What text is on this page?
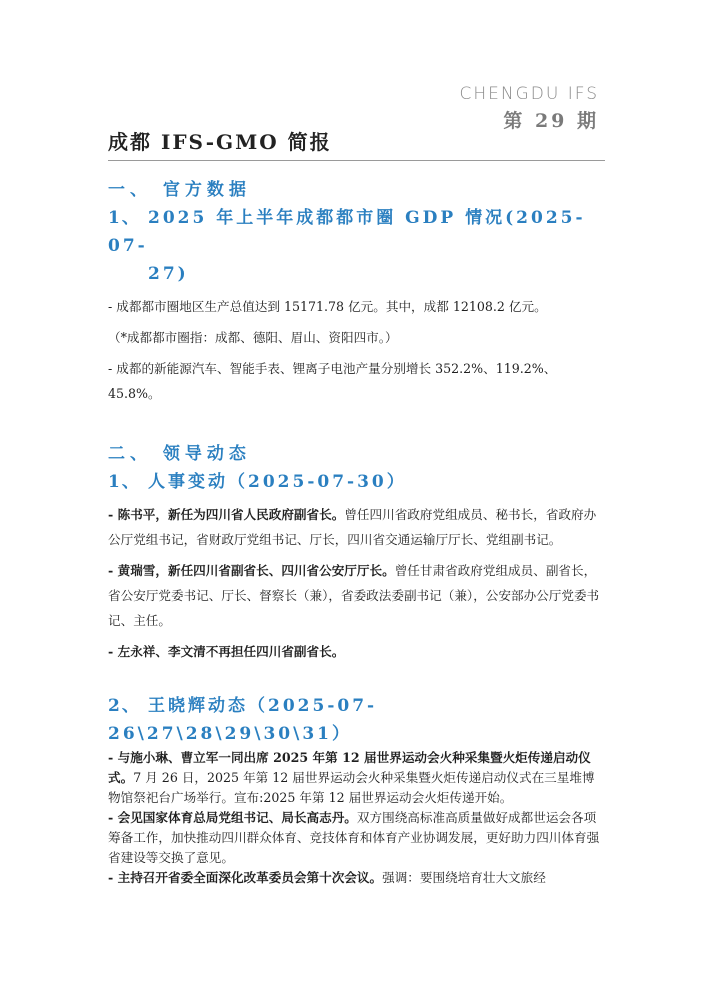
CHENGDU IFS
第 29 期
成都 IFS-GMO 简报
一、 官方数据
1、 2025 年上半年成都都市圈 GDP 情况(2025-07-
27)

- 成都都市圈地区生产总值达到 15171.78 亿元。其中，成都 12108.2 亿元。

（*成都都市圈指：成都、德阳、眉山、资阳四市。）

- 成都的新能源汽车、智能手表、锂离子电池产量分别增长 352.2%、119.2%、45.8%。

二、 领导动态
1、 人事变动（2025-07-30）

- 陈书平，新任为四川省人民政府副省长。曾任四川省政府党组成员、秘书长，省政府办公厅党组书记，省财政厅党组书记、厅长，四川省交通运输厅厅长、党组副书记。

- 黄瑞雪，新任四川省副省长、四川省公安厅厅长。曾任甘肃省政府党组成员、副省长，省公安厅党委书记、厅长、督察长（兼），省委政法委副书记（兼），公安部办公厅党委书记、主任。

- 左永祥、李文清不再担任四川省副省长。

2、 王晓辉动态（2025-07-26\27\28\29\30\31）

- 与施小琳、曹立军一同出席 2025 年第 12 届世界运动会火种采集暨火炬传递启动仪式。7 月 26 日，2025 年第 12 届世界运动会火种采集暨火炬传递启动仪式在三星堆博物馆祭祀台广场举行。宣布:2025 年第 12 届世界运动会火炬传递开始。

- 会见国家体育总局党组书记、局长高志丹。双方围绕高标准高质量做好成都世运会各项筹备工作，加快推动四川群众体育、竞技体育和体育产业协调发展，更好助力四川体育强省建设等交换了意见。

- 主持召开省委全面深化改革委员会第十次会议。强调：要围绕培育壮大文旅经
